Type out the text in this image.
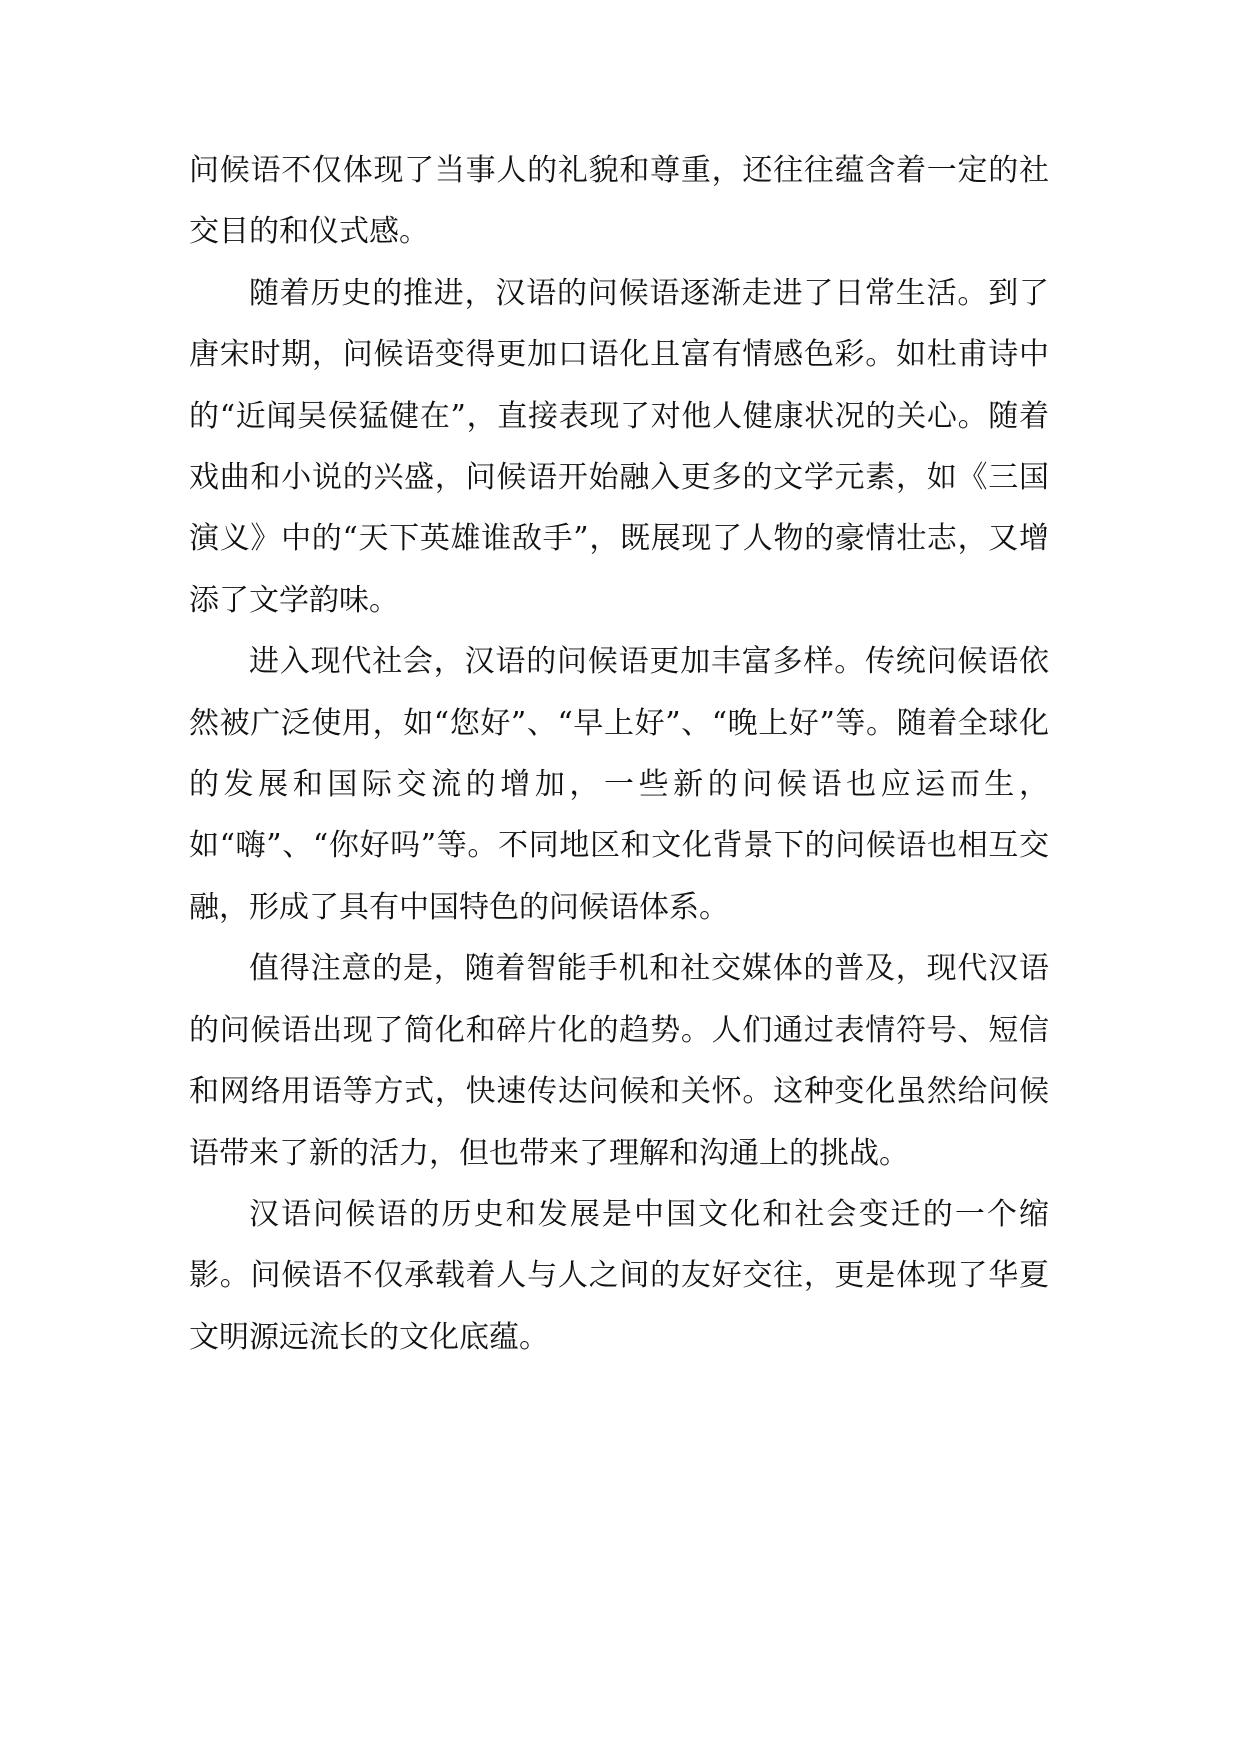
问候语不仅体现了当事人的礼貌和尊重，还往往蕴含着一定的社交目的和仪式感。

随着历史的推进，汉语的问候语逐渐走进了日常生活。到了唐宋时期，问候语变得更加口语化且富有情感色彩。如杜甫诗中的“近闻吴侯猛健在”，直接表现了对他人健康状况的关心。随着戏曲和小说的兴盛，问候语开始融入更多的文学元素，如《三国演义》中的“天下英雄谁敌手”，既展现了人物的豪情壮志，又增添了文学韵味。

进入现代社会，汉语的问候语更加丰富多样。传统问候语依然被广泛使用，如“您好”、“早上好”、“晚上好”等。随着全球化的发展和国际交流的增加，一些新的问候语也应运而生，如“嗨”、“你好吗”等。不同地区和文化背景下的问候语也相互交融，形成了具有中国特色的问候语体系。

值得注意的是，随着智能手机和社交媒体的普及，现代汉语的问候语出现了简化和碎片化的趋势。人们通过表情符号、短信和网络用语等方式，快速传达问候和关怀。这种变化虽然给问候语带来了新的活力，但也带来了理解和沟通上的挑战。

汉语问候语的历史和发展是中国文化和社会变迁的一个缩影。问候语不仅承载着人与人之间的友好交往，更是体现了华夏文明源远流长的文化底蕴。
